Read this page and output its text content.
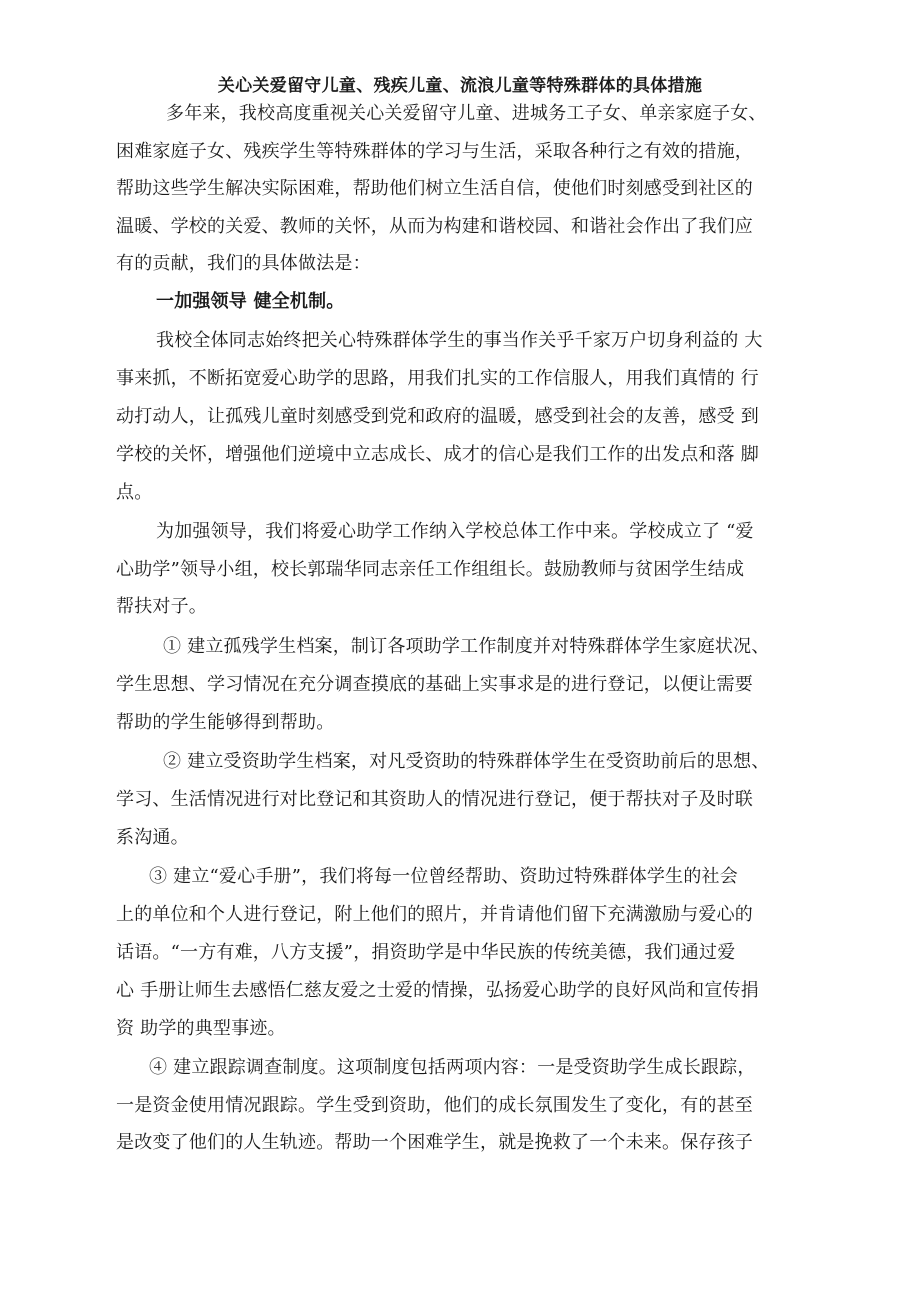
关心关爱留守儿童、残疾儿童、流浪儿童等特殊群体的具体措施
多年来，我校高度重视关心关爱留守儿童、进城务工子女、单亲家庭子女、
困难家庭子女、残疾学生等特殊群体的学习与生活，采取各种行之有效的措施，
帮助这些学生解决实际困难，帮助他们树立生活自信，使他们时刻感受到社区的
温暖、学校的关爱、教师的关怀，从而为构建和谐校园、和谐社会作出了我们应
有的贡献，我们的具体做法是：
一加强领导 健全机制。
我校全体同志始终把关心特殊群体学生的事当作关乎千家万户切身利益的 大
事来抓，不断拓宽爱心助学的思路，用我们扎实的工作信服人，用我们真情的 行
动打动人，让孤残儿童时刻感受到党和政府的温暖，感受到社会的友善，感受 到
学校的关怀，增强他们逆境中立志成长、成才的信心是我们工作的出发点和落 脚
点。
为加强领导，我们将爱心助学工作纳入学校总体工作中来。学校成立了 “爱
心助学”领导小组，校长郭瑞华同志亲任工作组组长。鼓励教师与贫困学生结成
帮扶对子。
① 建立孤残学生档案，制订各项助学工作制度并对特殊群体学生家庭状况、
学生思想、学习情况在充分调查摸底的基础上实事求是的进行登记，以便让需要
帮助的学生能够得到帮助。
② 建立受资助学生档案，对凡受资助的特殊群体学生在受资助前后的思想、
学习、生活情况进行对比登记和其资助人的情况进行登记，便于帮扶对子及时联
系沟通。
③ 建立“爱心手册”，我们将每一位曾经帮助、资助过特殊群体学生的社会
上的单位和个人进行登记，附上他们的照片，并肯请他们留下充满激励与爱心的
话语。“一方有难，八方支援”，捐资助学是中华民族的传统美德，我们通过爱
心 手册让师生去感悟仁慈友爱之士爱的情操，弘扬爱心助学的良好风尚和宣传捐
资 助学的典型事迹。
④ 建立跟踪调查制度。这项制度包括两项内容：一是受资助学生成长跟踪，
一是资金使用情况跟踪。学生受到资助，他们的成长氛围发生了变化，有的甚至
是改变了他们的人生轨迹。帮助一个困难学生，就是挽救了一个未来。保存孩子
